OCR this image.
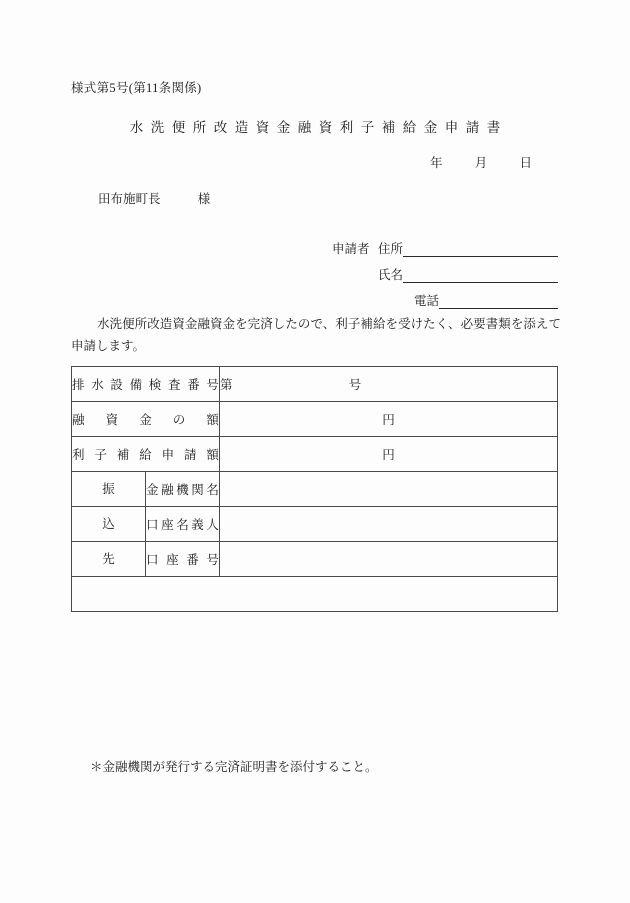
様式第5号(第11条関係)
水洗便所改造資金融資利子補給金申請書
年	月	日
田布施町長	様
申請者 住所
氏名
電話
水洗便所改造資金融資金を完済したので、利子補給を受けたく、必要書類を添えて申請します。
排水設備検査番号		第 号

融資金の額		円

利子補給申請額		円

振	金融機関名	

込	口座名義人	

先	口座番号	

＊金融機関が発行する完済証明書を添付すること。
